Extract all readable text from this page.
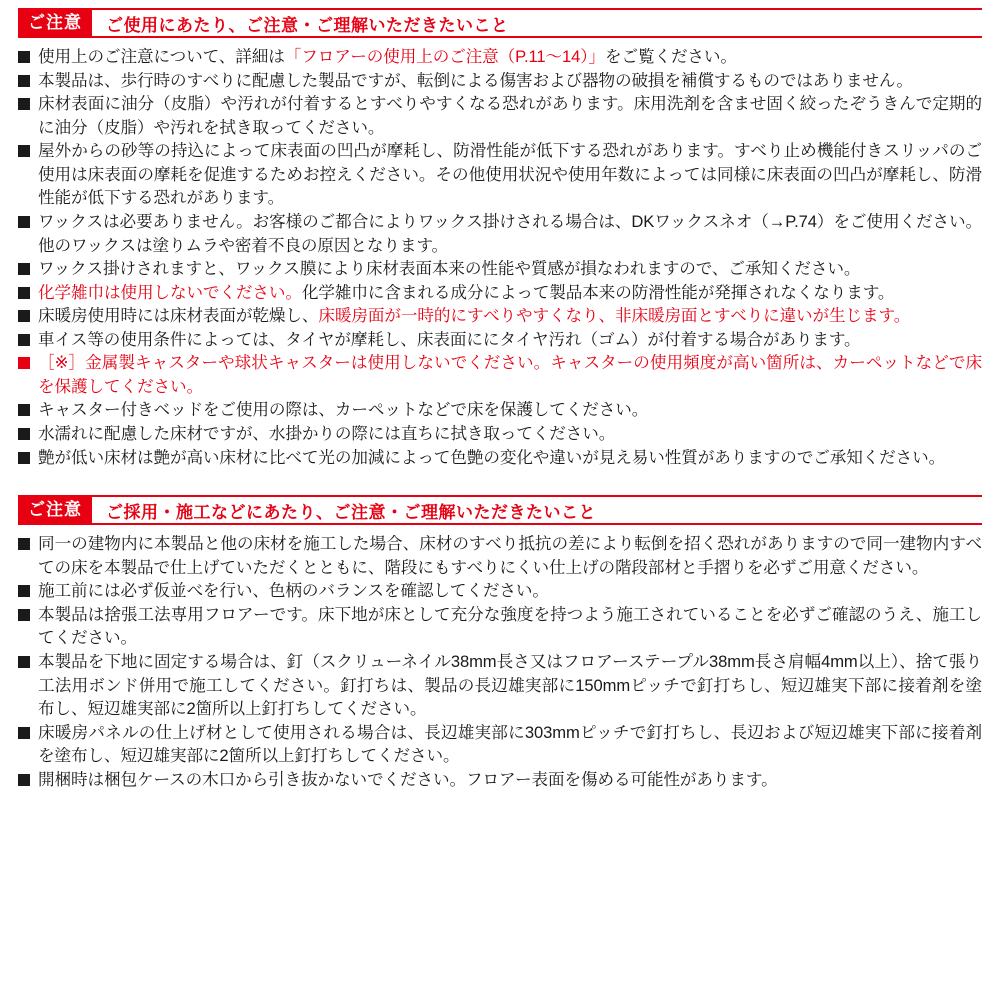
ご注意	ご使用にあたり、ご注意・ご理解いただきたいこと
使用上のご注意について、詳細は「フロアーの使用上のご注意（P.11〜14）」をご覧ください。
本製品は、歩行時のすべりに配慮した製品ですが、転倒による傷害および器物の破損を補償するものではありません。
床材表面に油分（皮脂）や汚れが付着するとすべりやすくなる恐れがあります。床用洗剤を含ませ固く絞ったぞうきんで定期的に油分（皮脂）や汚れを拭き取ってください。
屋外からの砂等の持込によって床表面の凹凸が摩耗し、防滑性能が低下する恐れがあります。すべり止め機能付きスリッパのご使用は床表面の摩耗を促進するためお控えください。その他使用状況や使用年数によっては同様に床表面の凹凸が摩耗し、防滑性能が低下する恐れがあります。
ワックスは必要ありません。お客様のご都合によりワックス掛けされる場合は、DKワックスネオ（→P.74）をご使用ください。他のワックスは塗りムラや密着不良の原因となります。
ワックス掛けされますと、ワックス膜により床材表面本来の性能や質感が損なわれますので、ご承知ください。
化学雑巾は使用しないでください。化学雑巾に含まれる成分によって製品本来の防滑性能が発揮されなくなります。
床暖房使用時には床材表面が乾燥し、床暖房面が一時的にすべりやすくなり、非床暖房面とすべりに違いが生じます。
車イス等の使用条件によっては、タイヤが摩耗し、床表面ににタイヤ汚れ（ゴム）が付着する場合があります。
［※］金属製キャスターや球状キャスターは使用しないでください。キャスターの使用頻度が高い箇所は、カーペットなどで床を保護してください。
キャスター付きベッドをご使用の際は、カーペットなどで床を保護してください。
水濡れに配慮した床材ですが、水掛かりの際には直ちに拭き取ってください。
艶が低い床材は艶が高い床材に比べて光の加減によって色艶の変化や違いが見え易い性質がありますのでご承知ください。
ご注意	ご採用・施工などにあたり、ご注意・ご理解いただきたいこと
同一の建物内に本製品と他の床材を施工した場合、床材のすべり抵抗の差により転倒を招く恐れがありますので同一建物内すべての床を本製品で仕上げていただくとともに、階段にもすべりにくい仕上げの階段部材と手摺りを必ずご用意ください。
施工前には必ず仮並べを行い、色柄のバランスを確認してください。
本製品は捨張工法専用フロアーです。床下地が床として充分な強度を持つよう施工されていることを必ずご確認のうえ、施工してください。
本製品を下地に固定する場合は、釘（スクリューネイル38mm長さ又はフロアーステープル38mm長さ肩幅4mm以上）、捨て張り工法用ボンド併用で施工してください。釘打ちは、製品の長辺雄実部に150mmピッチで釘打ちし、短辺雄実下部に接着剤を塗布し、短辺雄実部に2箇所以上釘打ちしてください。
床暖房パネルの仕上げ材として使用される場合は、長辺雄実部に303mmピッチで釘打ちし、長辺および短辺雄実下部に接着剤を塗布し、短辺雄実部に2箇所以上釘打ちしてください。
開梱時は梱包ケースの木口から引き抜かないでください。フロアー表面を傷める可能性があります。
